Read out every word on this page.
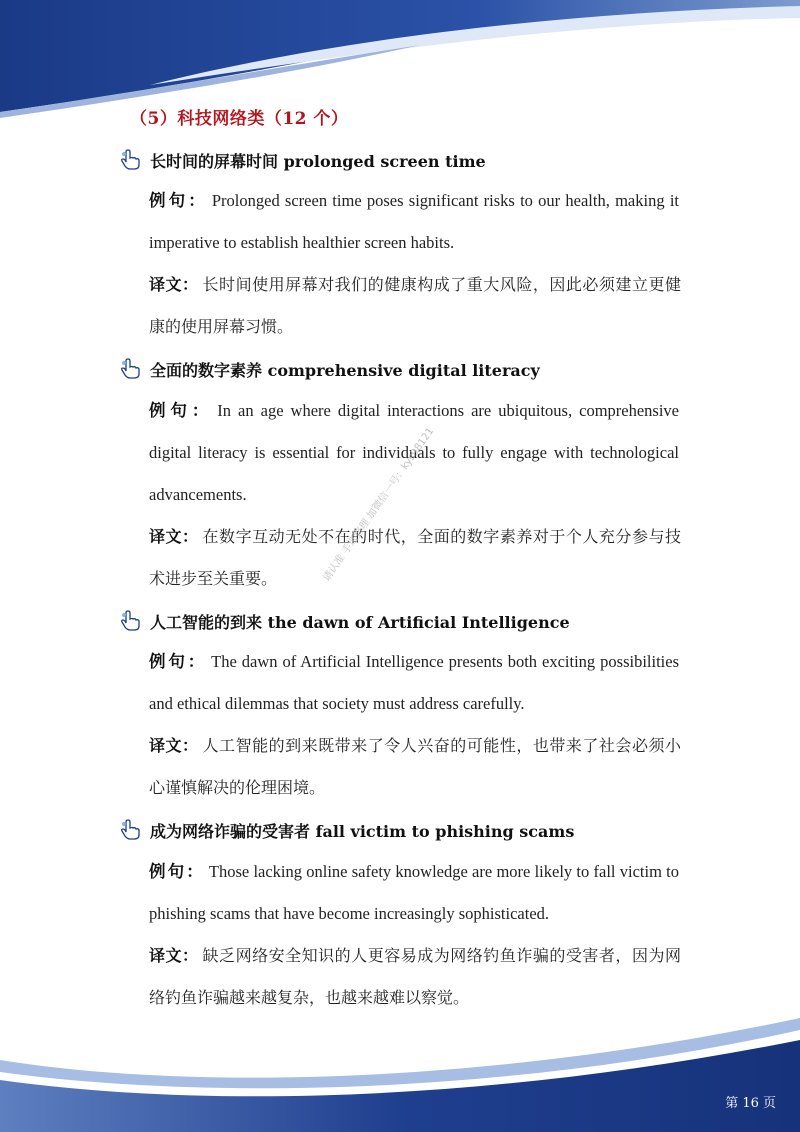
（5）科技网络类（12 个）
长时间的屏幕时间 prolonged screen time
例句： Prolonged screen time poses significant risks to our health, making it imperative to establish healthier screen habits.
译文： 长时间使用屏幕对我们的健康构成了重大风险，因此必须建立更健康的使用屏幕习惯。
全面的数字素养 comprehensive digital literacy
例句： In an age where digital interactions are ubiquitous, comprehensive digital literacy is essential for individuals to fully engage with technological advancements.
译文： 在数字互动无处不在的时代，全面的数字素养对于个人充分参与技术进步至关重要。
人工智能的到来 the dawn of Artificial Intelligence
例句： The dawn of Artificial Intelligence presents both exciting possibilities and ethical dilemmas that society must address carefully.
译文： 人工智能的到来既带来了令人兴奋的可能性，也带来了社会必须小心谨慎解决的伦理困境。
成为网络诈骗的受害者 fall victim to phishing scams
例句： Those lacking online safety knowledge are more likely to fall victim to phishing scams that have become increasingly sophisticated.
译文： 缺乏网络安全知识的人更容易成为网络钓鱼诈骗的受害者，因为网络钓鱼诈骗越来越复杂，也越来越难以察觉。
请认准 手选整理 加微信一号：kys98121
第 16 页
